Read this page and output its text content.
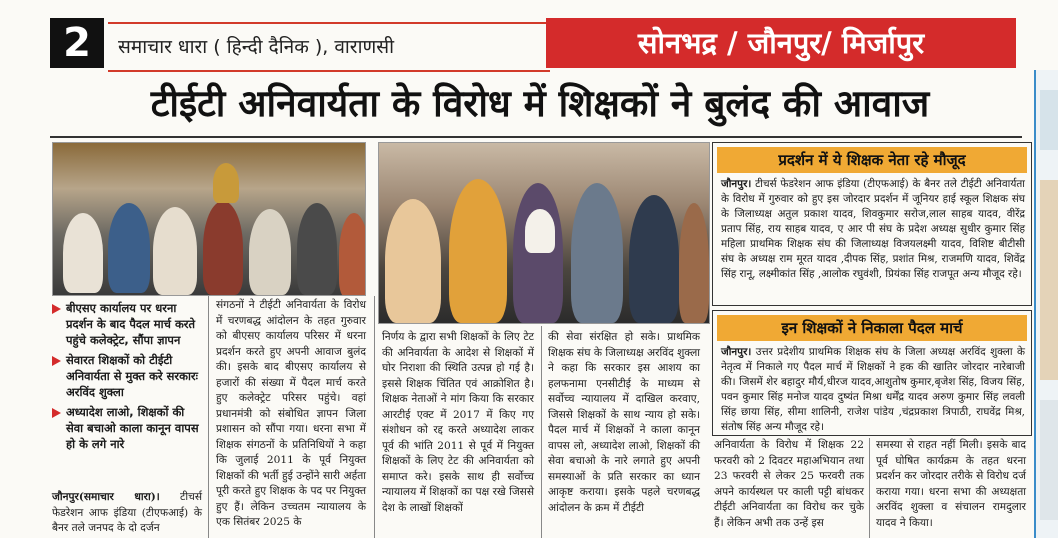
2	समाचार धारा ( हिन्दी दैनिक ), वाराणसी	सोनभद्र / जौनपुर/ मिर्जापुर
टीईटी अनिवार्यता के विरोध में शिक्षकों ने बुलंद की आवाज
बीएसए कार्यालय पर धरना प्रदर्शन के बाद पैदल मार्च करते पहुंचे कलेक्ट्रेट, सौंपा ज्ञापन
सेवारत शिक्षकों को टीईटी अनिवार्यता से मुक्त करे सरकारः अरविंद शुक्ला
अध्यादेश लाओ, शिक्षकों की सेवा बचाओ काला कानून वापस हो के लगे नारे
जौनपुर(समाचार धारा)। टीचर्स फेडरेशन आफ इंडिया (टीएफआई) के बैनर तले जनपद के दो दर्जन
संगठनों ने टीईटी अनिवार्यता के विरोध में चरणबद्ध आंदोलन के तहत गुरुवार को बीएसए कार्यालय परिसर में धरना प्रदर्शन करते हुए अपनी आवाज बुलंद की। इसके बाद बीएसए कार्यालय से हजारों की संख्या में पैदल मार्च करते हुए कलेक्ट्रेट परिसर पहुंचे। वहां प्रधानमंत्री को संबोधित ज्ञापन जिला प्रशासन को सौंपा गया। धरना सभा में शिक्षक संगठनों के प्रतिनिधियों ने कहा कि जुलाई 2011 के पूर्व नियुक्त शिक्षकों की भर्ती हुई उन्होंने सारी अर्हता पूरी करते हुए शिक्षक के पद पर नियुक्त हुए हैं। लेकिन उच्चतम न्यायालय के एक सितंबर 2025 के
निर्णय के द्वारा सभी शिक्षकों के लिए टेट की अनिवार्यता के आदेश से शिक्षकों में घोर निराशा की स्थिति उत्पन्न हो गई है। इससे शिक्षक चिंतित एवं आक्रोशित है। शिक्षक नेताओं ने मांग किया कि सरकार आरटीई एक्ट में 2017 में किए गए संशोधन को रद्द करते अध्यादेश लाकर पूर्व की भांति 2011 से पूर्व में नियुक्त शिक्षकों के लिए टेट की अनिवार्यता को समाप्त करे। इसके साथ ही सर्वोच्च न्यायालय में शिक्षकों का पक्ष रखे जिससे देश के लाखों शिक्षकों
की सेवा संरक्षित हो सके। प्राथमिक शिक्षक संघ के जिलाध्यक्ष अरविंद शुक्ला ने कहा कि सरकार इस आशय का हलफनामा एनसीटीई के माध्यम से सर्वोच्च न्यायालय में दाखिल करवाए, जिससे शिक्षकों के साथ न्याय हो सके। पैदल मार्च में शिक्षकों ने काला कानून वापस लो, अध्यादेश लाओ, शिक्षकों की सेवा बचाओ के नारे लगाते हुए अपनी समस्याओं के प्रति सरकार का ध्यान आकृष्ट कराया। इसके पहले चरणबद्ध आंदोलन के क्रम में टीईटी
अनिवार्यता के विरोध में शिक्षक 22 फरवरी को 2 दिवटर महाअभियान तथा 23 फरवरी से लेकर 25 फरवरी तक अपने कार्यस्थल पर काली पट्टी बांधकर टीईटी अनिवार्यता का विरोध कर चुके हैं। लेकिन अभी तक उन्हें इस
समस्या से राहत नहीं मिली। इसके बाद पूर्व घोषित कार्यक्रम के तहत धरना प्रदर्शन कर जोरदार तरीके से विरोध दर्ज कराया गया। धरना सभा की अध्यक्षता अरविंद शुक्ला व संचालन रामदुलार यादव ने किया।
प्रदर्शन में ये शिक्षक नेता रहे मौजूद
जौनपुर। टीचर्स फेडरेशन आफ इंडिया (टीएफआई) के बैनर तले टीईटी अनिवार्यता के विरोध में गुरुवार को हुए इस जोरदार प्रदर्शन में जूनियर हाई स्कूल शिक्षक संघ के जिलाध्यक्ष अतुल प्रकाश यादव, शिवकुमार सरोज,लाल साहब यादव, वीरेंद्र प्रताप सिंह, राय साहब यादव, ए आर पी संघ के प्रदेश अध्यक्ष सुधीर कुमार सिंह महिला प्राथमिक शिक्षक संघ की जिलाध्यक्ष विजयलक्ष्मी यादव, विशिष्ट बीटीसी संघ के अध्यक्ष राम मूरत यादव ,दीपक सिंह, प्रशांत मिश्र, राजमणि यादव, शिवेंद्र सिंह रानू, लक्ष्मीकांत सिंह ,आलोक रघुवंशी, प्रियंका सिंह राजपूत अन्य मौजूद रहे।
इन शिक्षकों ने निकाला पैदल मार्च
जौनपुर। उत्तर प्रदेशीय प्राथमिक शिक्षक संघ के जिला अध्यक्ष अरविंद शुक्ला के नेतृत्व में निकाले गए पैदल मार्च में शिक्षकों ने हक की खातिर जोरदार नारेबाजी की। जिसमें शेर बहादुर मौर्य,धीरज यादव,आशुतोष कुमार,बृजेश सिंह, विजय सिंह, पवन कुमार सिंह मनोज यादव दुष्यंत मिश्रा धर्मेंद्र यादव अरुण कुमार सिंह लवली सिंह छाया सिंह, सीमा शालिनी, राजेश पांडेय ,चंद्रप्रकाश त्रिपाठी, राघवेंद्र मिश्र, संतोष सिंह अन्य मौजूद रहे।
